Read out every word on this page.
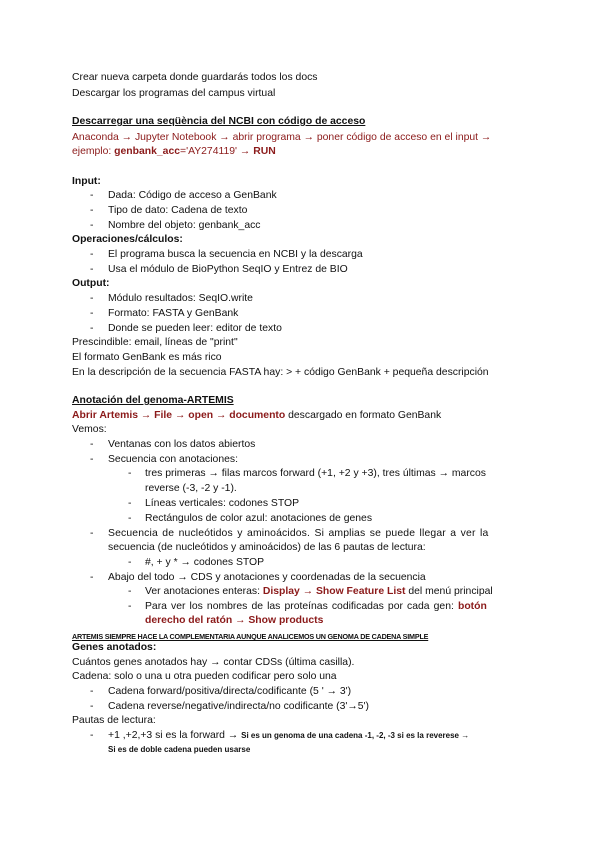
Crear nueva carpeta donde guardarás todos los docs
Descargar los programas del campus virtual
Descarregar una seqüència del NCBI con código de acceso
Anaconda → Jupyter Notebook → abrir programa → poner código de acceso en el input →
ejemplo: genbank_acc='AY274119' → RUN
Input:
- Dada: Código de acceso a GenBank
- Tipo de dato: Cadena de texto
- Nombre del objeto: genbank_acc
Operaciones/cálculos:
- El programa busca la secuencia en NCBI y la descarga
- Usa el módulo de BioPython SeqIO y Entrez de BIO
Output:
- Módulo resultados: SeqIO.write
- Formato: FASTA y GenBank
- Donde se pueden leer: editor de texto
Prescindible: email, líneas de "print"
El formato GenBank es más rico
En la descripción de la secuencia FASTA hay: > + código GenBank + pequeña descripción
Anotación del genoma-ARTEMIS
Abrir Artemis → File → open → documento descargado en formato GenBank
Vemos:
- Ventanas con los datos abiertos
- Secuencia con anotaciones:
- tres primeras → filas marcos forward (+1, +2 y +3), tres últimas → marcos
reverse (-3, -2 y -1).
- Líneas verticales: codones STOP
- Rectángulos de color azul: anotaciones de genes
- Secuencia de nucleótidos y aminoácidos. Si amplias se puede llegar a ver la
secuencia (de nucleótidos y aminoácidos) de las 6 pautas de lectura:
- #, + y * → codones STOP
- Abajo del todo → CDS y anotaciones y coordenadas de la secuencia
- Ver anotaciones enteras: Display → Show Feature List del menú principal
- Para ver los nombres de las proteínas codificadas por cada gen: botón
derecho del ratón → Show products
ARTEMIS SIEMPRE HACE LA COMPLEMENTARIA AUNQUE ANALICEMOS UN GENOMA DE CADENA SIMPLE
Genes anotados:
Cuántos genes anotados hay → contar CDSs (última casilla).
Cadena: solo o una u otra pueden codificar pero solo una
- Cadena forward/positiva/directa/codificante (5 ' → 3')
- Cadena reverse/negative/indirecta/no codificante (3'→5')
Pautas de lectura:
- +1 ,+2,+3 si es la forward → Si es un genoma de una cadena -1, -2, -3 si es la reverese →
Si es de doble cadena pueden usarse
